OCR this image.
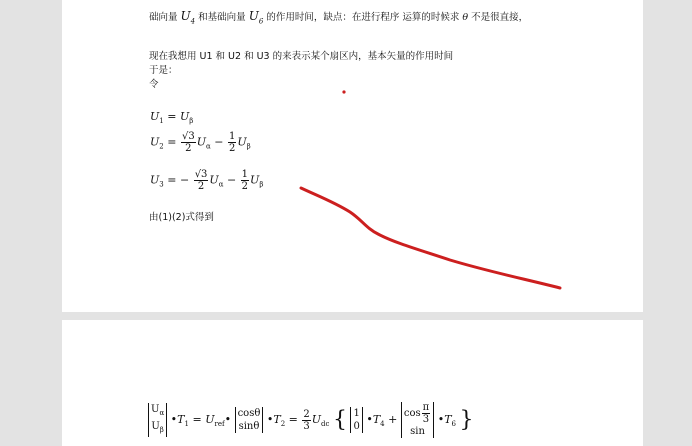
础向量 $U_4$ 和基础向量 $U_6$ 的作用时间，缺点：在进行程序 运算的时候求 θ 不是很直接，
现在我想用 U1 和 U2 和 U3 的来表示某个扇区内，基本矢量的作用时间
于是：
令
$U_1 = U_\beta$
$U_2 = \frac{√3}{2} U_\alpha - \frac{1}{2} U_\beta$
$U_3$ = − $\frac{√3}{2} U_\alpha - \frac{1}{2} U_\beta$
由(1)(2)式得到
$U_\alpha$
$U_\beta$ $•T_1$ = $U_{ref}•$ cosθ
sinθ $•T_2 = \frac{2}{3} U_{dc}$ { 1
0 $•T_4 + \cos \frac{\pi}{3}$

$\sin •T_6$ }
